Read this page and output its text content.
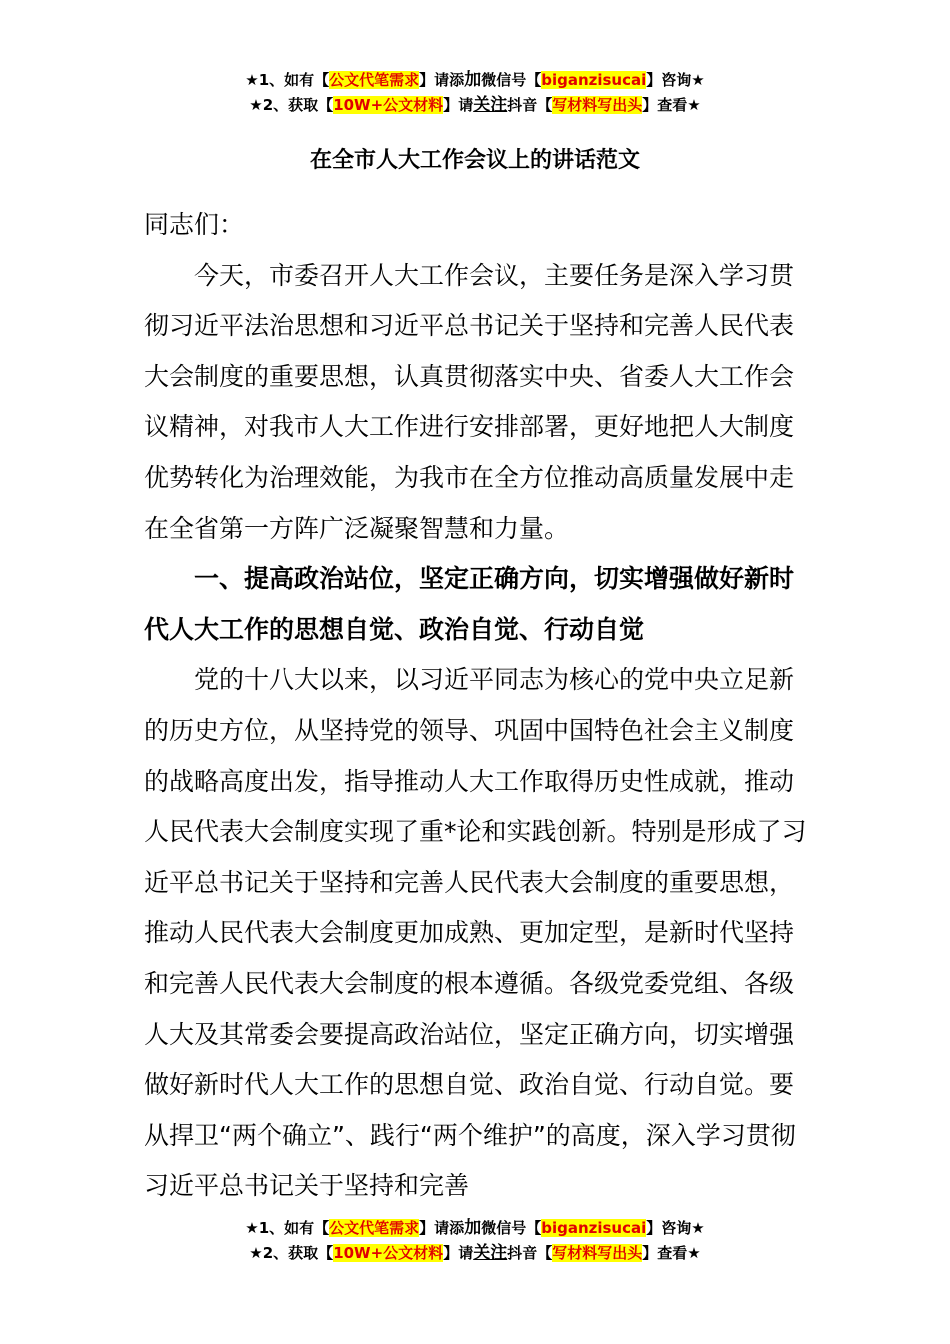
★1、如有【公文代笔需求】请添加微信号【biganzisucai】咨询★
★2、获取【10W+公文材料】请关注抖音【写材料写出头】查看★
在全市人大工作会议上的讲话范文

同志们：

今天，市委召开人大工作会议，主要任务是深入学习贯彻习近平法治思想和习近平总书记关于坚持和完善人民代表大会制度的重要思想，认真贯彻落实中央、省委人大工作会议精神，对我市人大工作进行安排部署，更好地把人大制度优势转化为治理效能，为我市在全方位推动高质量发展中走在全省第一方阵广泛凝聚智慧和力量。

一、提高政治站位，坚定正确方向，切实增强做好新时代人大工作的思想自觉、政治自觉、行动自觉

党的十八大以来，以习近平同志为核心的党中央立足新的历史方位，从坚持党的领导、巩固中国特色社会主义制度的战略高度出发，指导推动人大工作取得历史性成就，推动人民代表大会制度实现了重*论和实践创新。特别是形成了习近平总书记关于坚持和完善人民代表大会制度的重要思想，推动人民代表大会制度更加成熟、更加定型，是新时代坚持和完善人民代表大会制度的根本遵循。各级党委党组、各级人大及其常委会要提高政治站位，坚定正确方向，切实增强做好新时代人大工作的思想自觉、政治自觉、行动自觉。要从捍卫“两个确立”、践行“两个维护”的高度，深入学习贯彻习近平总书记关于坚持和完善

★1、如有【公文代笔需求】请添加微信号【biganzisucai】咨询★
★2、获取【10W+公文材料】请关注抖音【写材料写出头】查看★
